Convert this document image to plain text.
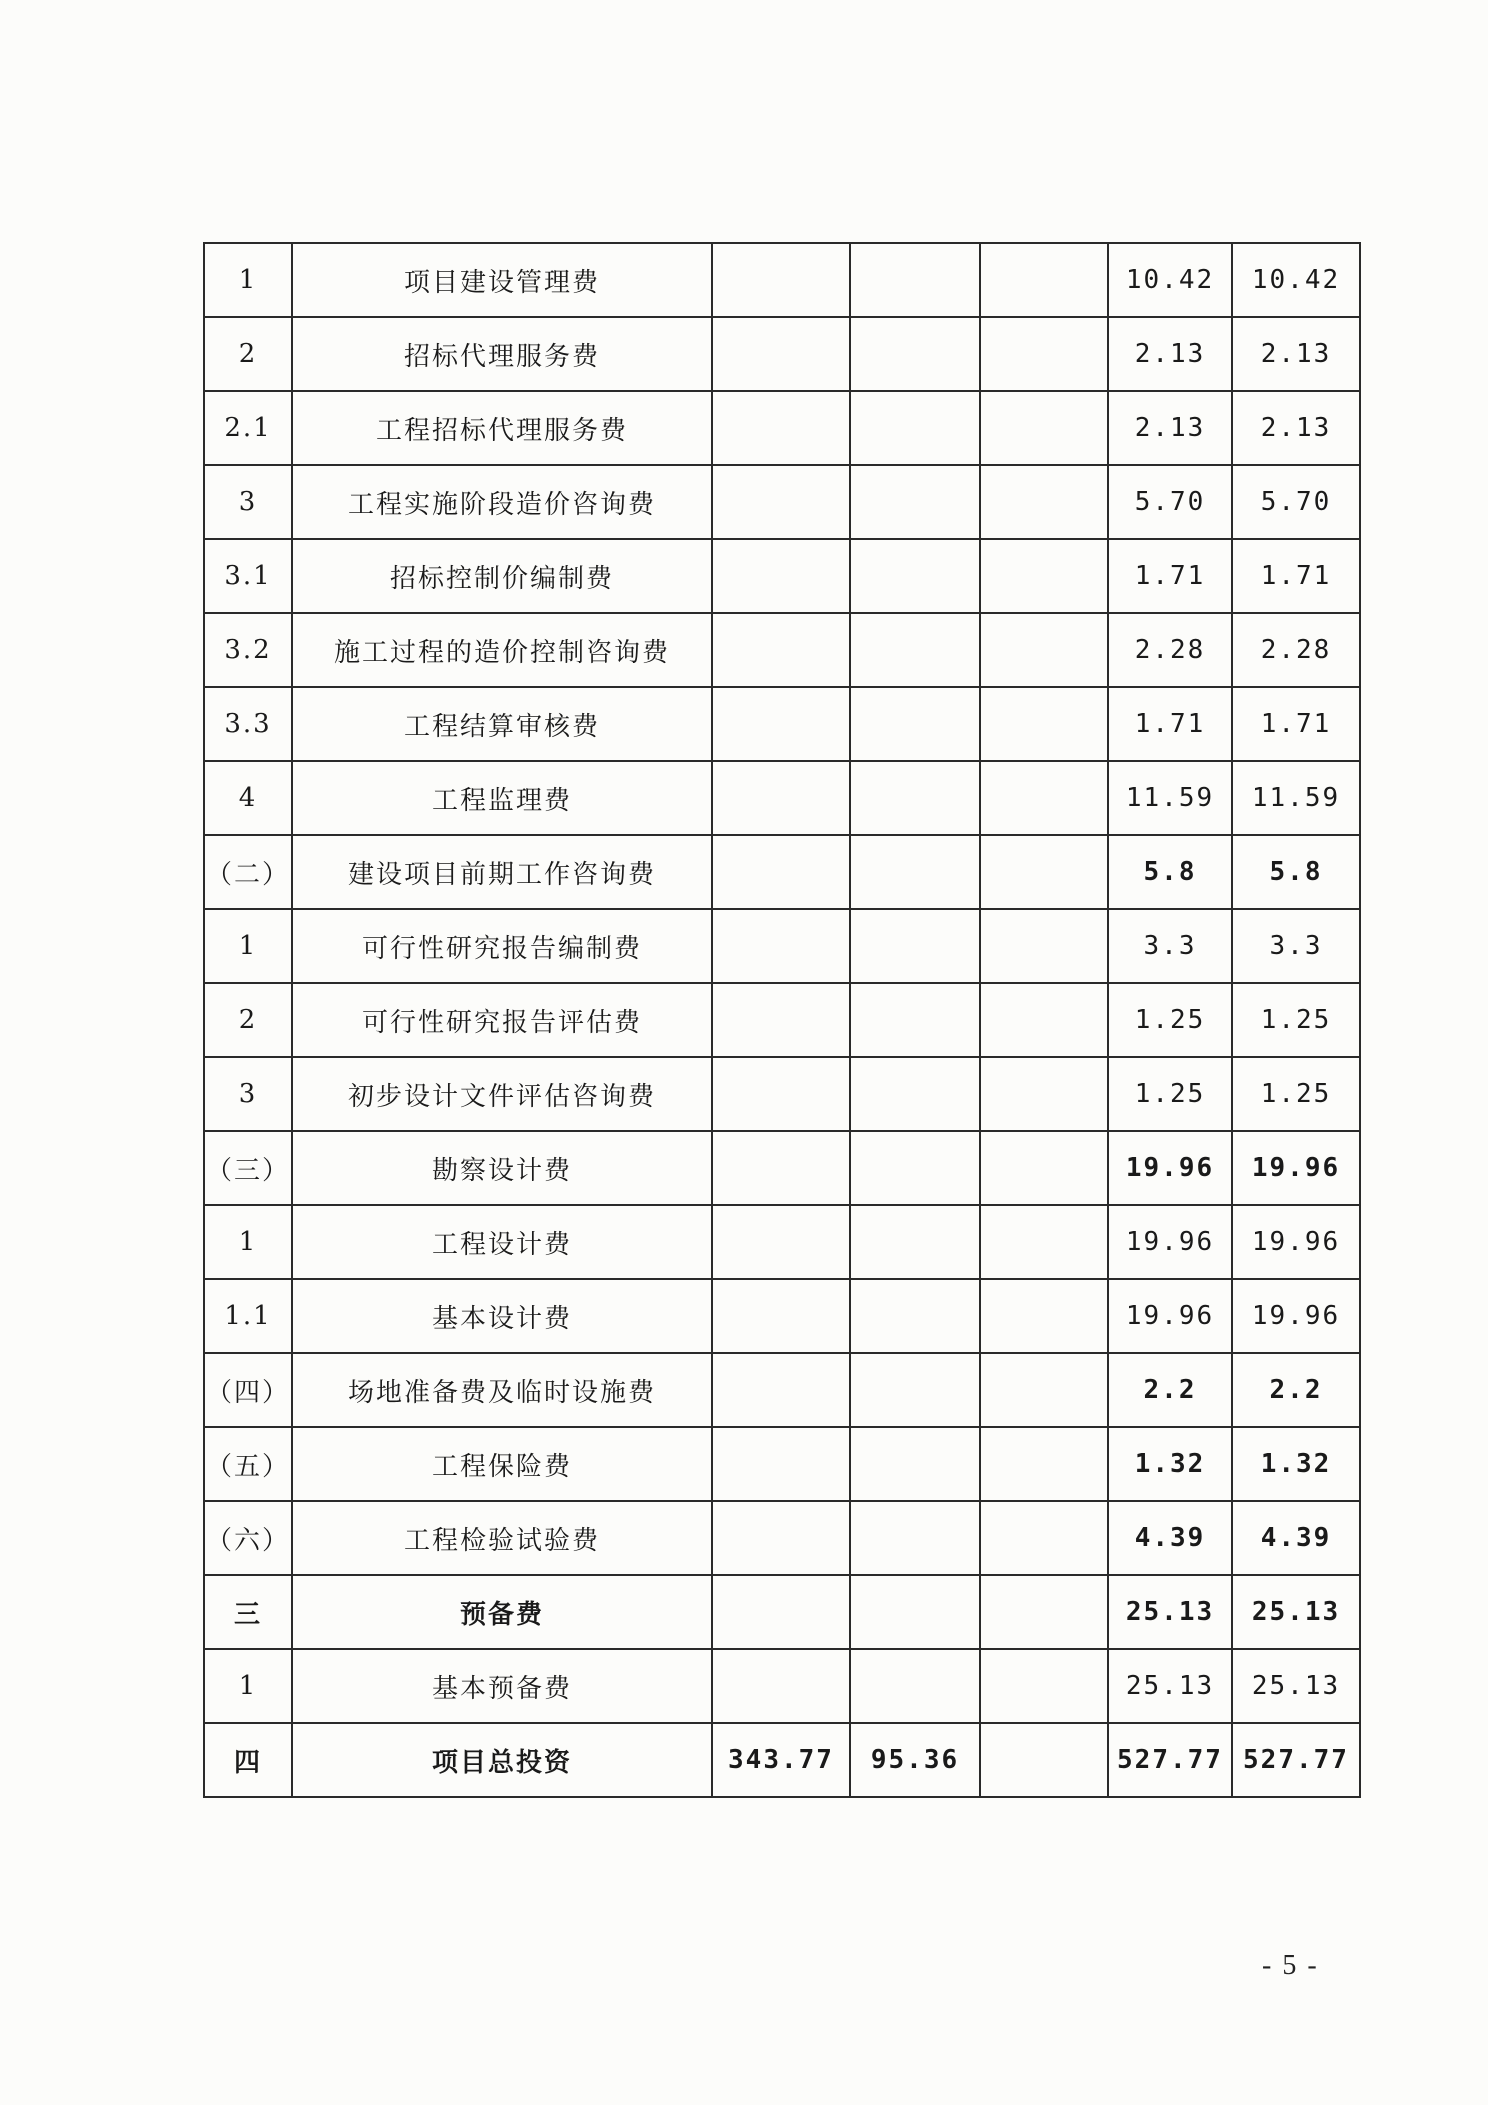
1	项目建设管理费				10.42	10.42
2	招标代理服务费				2.13	2.13
2.1	工程招标代理服务费				2.13	2.13
3	工程实施阶段造价咨询费				5.70	5.70
3.1	招标控制价编制费				1.71	1.71
3.2	施工过程的造价控制咨询费				2.28	2.28
3.3	工程结算审核费				1.71	1.71
4	工程监理费				11.59	11.59
（二）	建设项目前期工作咨询费				5.8	5.8
1	可行性研究报告编制费				3.3	3.3
2	可行性研究报告评估费				1.25	1.25
3	初步设计文件评估咨询费				1.25	1.25
（三）	勘察设计费				19.96	19.96
1	工程设计费				19.96	19.96
1.1	基本设计费				19.96	19.96
（四）	场地准备费及临时设施费				2.2	2.2
（五）	工程保险费				1.32	1.32
（六）	工程检验试验费				4.39	4.39
三	预备费				25.13	25.13
1	基本预备费				25.13	25.13
四	项目总投资	343.77	95.36		527.77	527.77
- 5 -
